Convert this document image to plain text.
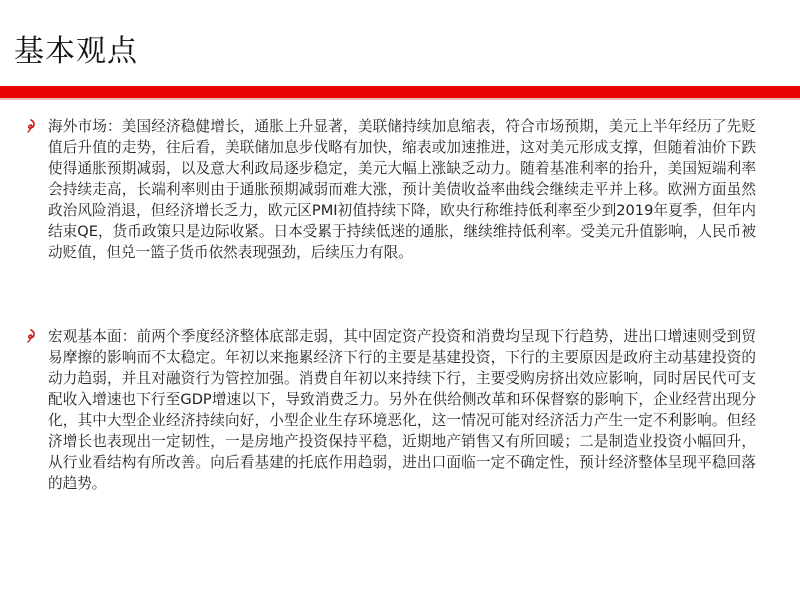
基本观点

海外市场：美国经济稳健增长，通胀上升显著，美联储持续加息缩表，符合市场预期，美元上半年经历了先贬值后升值的走势，往后看，美联储加息步伐略有加快，缩表或加速推进，这对美元形成支撑，但随着油价下跌使得通胀预期减弱，以及意大利政局逐步稳定，美元大幅上涨缺乏动力。随着基准利率的抬升，美国短端利率会持续走高，长端利率则由于通胀预期减弱而难大涨，预计美债收益率曲线会继续走平并上移。欧洲方面虽然政治风险消退，但经济增长乏力，欧元区PMI初值持续下降，欧央行称维持低利率至少到2019年夏季，但年内结束QE，货币政策只是边际收紧。日本受累于持续低迷的通胀，继续维持低利率。受美元升值影响，人民币被动贬值，但兑一篮子货币依然表现强劲，后续压力有限。

宏观基本面：前两个季度经济整体底部走弱，其中固定资产投资和消费均呈现下行趋势，进出口增速则受到贸易摩擦的影响而不太稳定。年初以来拖累经济下行的主要是基建投资，下行的主要原因是政府主动基建投资的动力趋弱，并且对融资行为管控加强。消费自年初以来持续下行，主要受购房挤出效应影响，同时居民代可支配收入增速也下行至GDP增速以下，导致消费乏力。另外在供给侧改革和环保督察的影响下，企业经营出现分化，其中大型企业经济持续向好，小型企业生存环境恶化，这一情况可能对经济活力产生一定不利影响。但经济增长也表现出一定韧性，一是房地产投资保持平稳，近期地产销售又有所回暖；二是制造业投资小幅回升，从行业看结构有所改善。向后看基建的托底作用趋弱，进出口面临一定不确定性，预计经济整体呈现平稳回落的趋势。
